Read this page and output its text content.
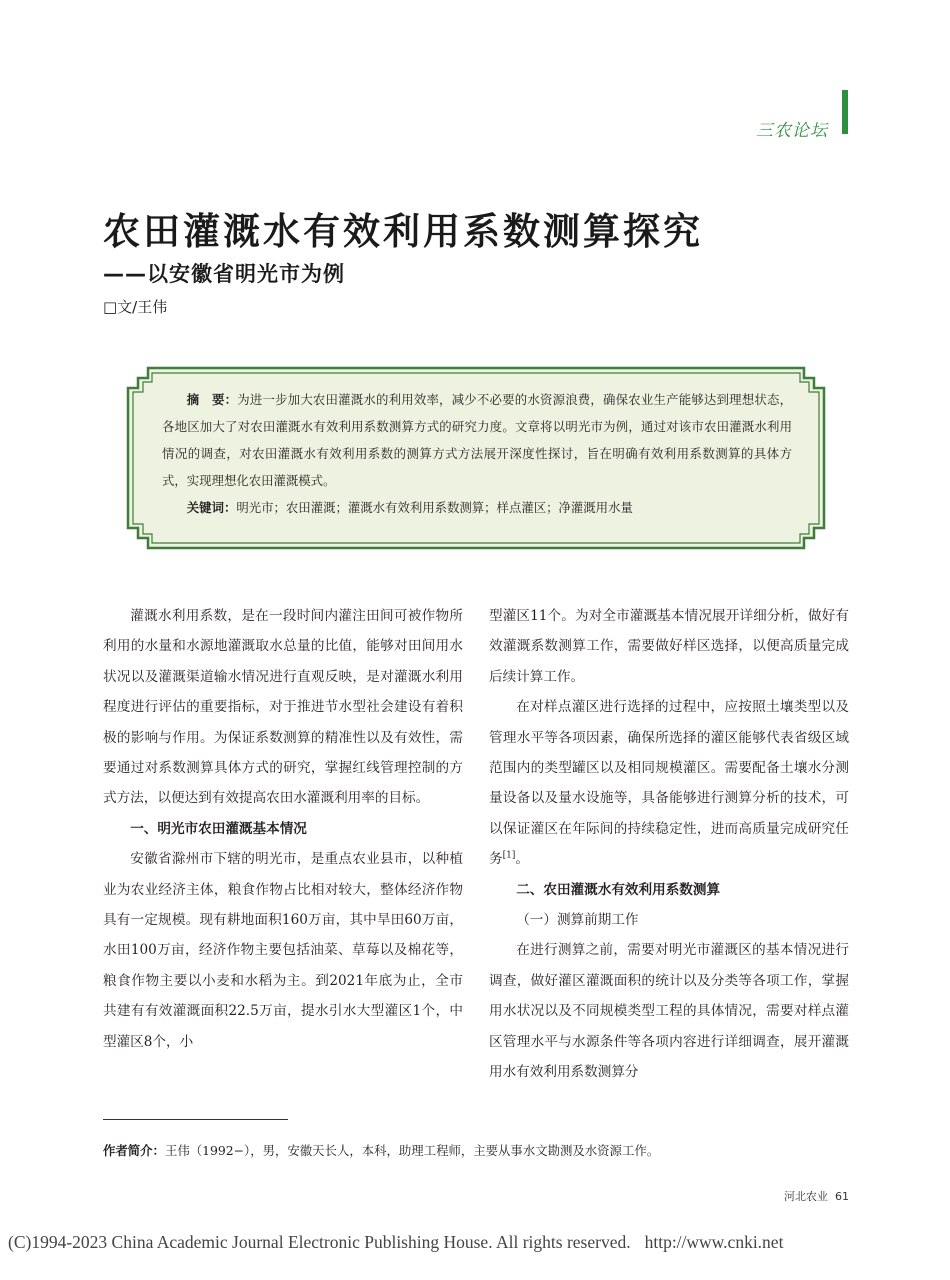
三农论坛
农田灌溉水有效利用系数测算探究
——以安徽省明光市为例
□文/王伟

摘　要：为进一步加大农田灌溉水的利用效率，减少不必要的水资源浪费，确保农业生产能够达到理想状态，各地区加大了对农田灌溉水有效利用系数测算方式的研究力度。文章将以明光市为例，通过对该市农田灌溉水利用情况的调查，对农田灌溉水有效利用系数的测算方式方法展开深度性探讨，旨在明确有效利用系数测算的具体方式，实现理想化农田灌溉模式。

关键词：明光市；农田灌溉；灌溉水有效利用系数测算；样点灌区；净灌溉用水量

灌溉水利用系数，是在一段时间内灌注田间可被作物所利用的水量和水源地灌溉取水总量的比值，能够对田间用水状况以及灌溉渠道输水情况进行直观反映，是对灌溉水利用程度进行评估的重要指标，对于推进节水型社会建设有着积极的影响与作用。为保证系数测算的精准性以及有效性，需要通过对系数测算具体方式的研究，掌握红线管理控制的方式方法，以便达到有效提高农田水灌溉利用率的目标。

一、明光市农田灌溉基本情况

安徽省滁州市下辖的明光市，是重点农业县市，以种植业为农业经济主体，粮食作物占比相对较大，整体经济作物具有一定规模。现有耕地面积160万亩，其中旱田60万亩，水田100万亩，经济作物主要包括油菜、草莓以及棉花等，粮食作物主要以小麦和水稻为主。到2021年底为止，全市共建有有效灌溉面积22.5万亩，提水引水大型灌区1个，中型灌区8个，小

型灌区11个。为对全市灌溉基本情况展开详细分析，做好有效灌溉系数测算工作，需要做好样区选择，以便高质量完成后续计算工作。

在对样点灌区进行选择的过程中，应按照土壤类型以及管理水平等各项因素，确保所选择的灌区能够代表省级区域范围内的类型罐区以及相同规模灌区。需要配备土壤水分测量设备以及量水设施等，具备能够进行测算分析的技术，可以保证灌区在年际间的持续稳定性，进而高质量完成研究任务[1]。

二、农田灌溉水有效利用系数测算
（一）测算前期工作

在进行测算之前，需要对明光市灌溉区的基本情况进行调查，做好灌区灌溉面积的统计以及分类等各项工作，掌握用水状况以及不同规模类型工程的具体情况，需要对样点灌区管理水平与水源条件等各项内容进行详细调查，展开灌溉用水有效利用系数测算分

作者简介：王伟（1992−），男，安徽天长人，本科，助理工程师，主要从事水文勘测及水资源工作。
河北农业 61
(C)1994-2023 China Academic Journal Electronic Publishing House. All rights reserved. http://www.cnki.net
